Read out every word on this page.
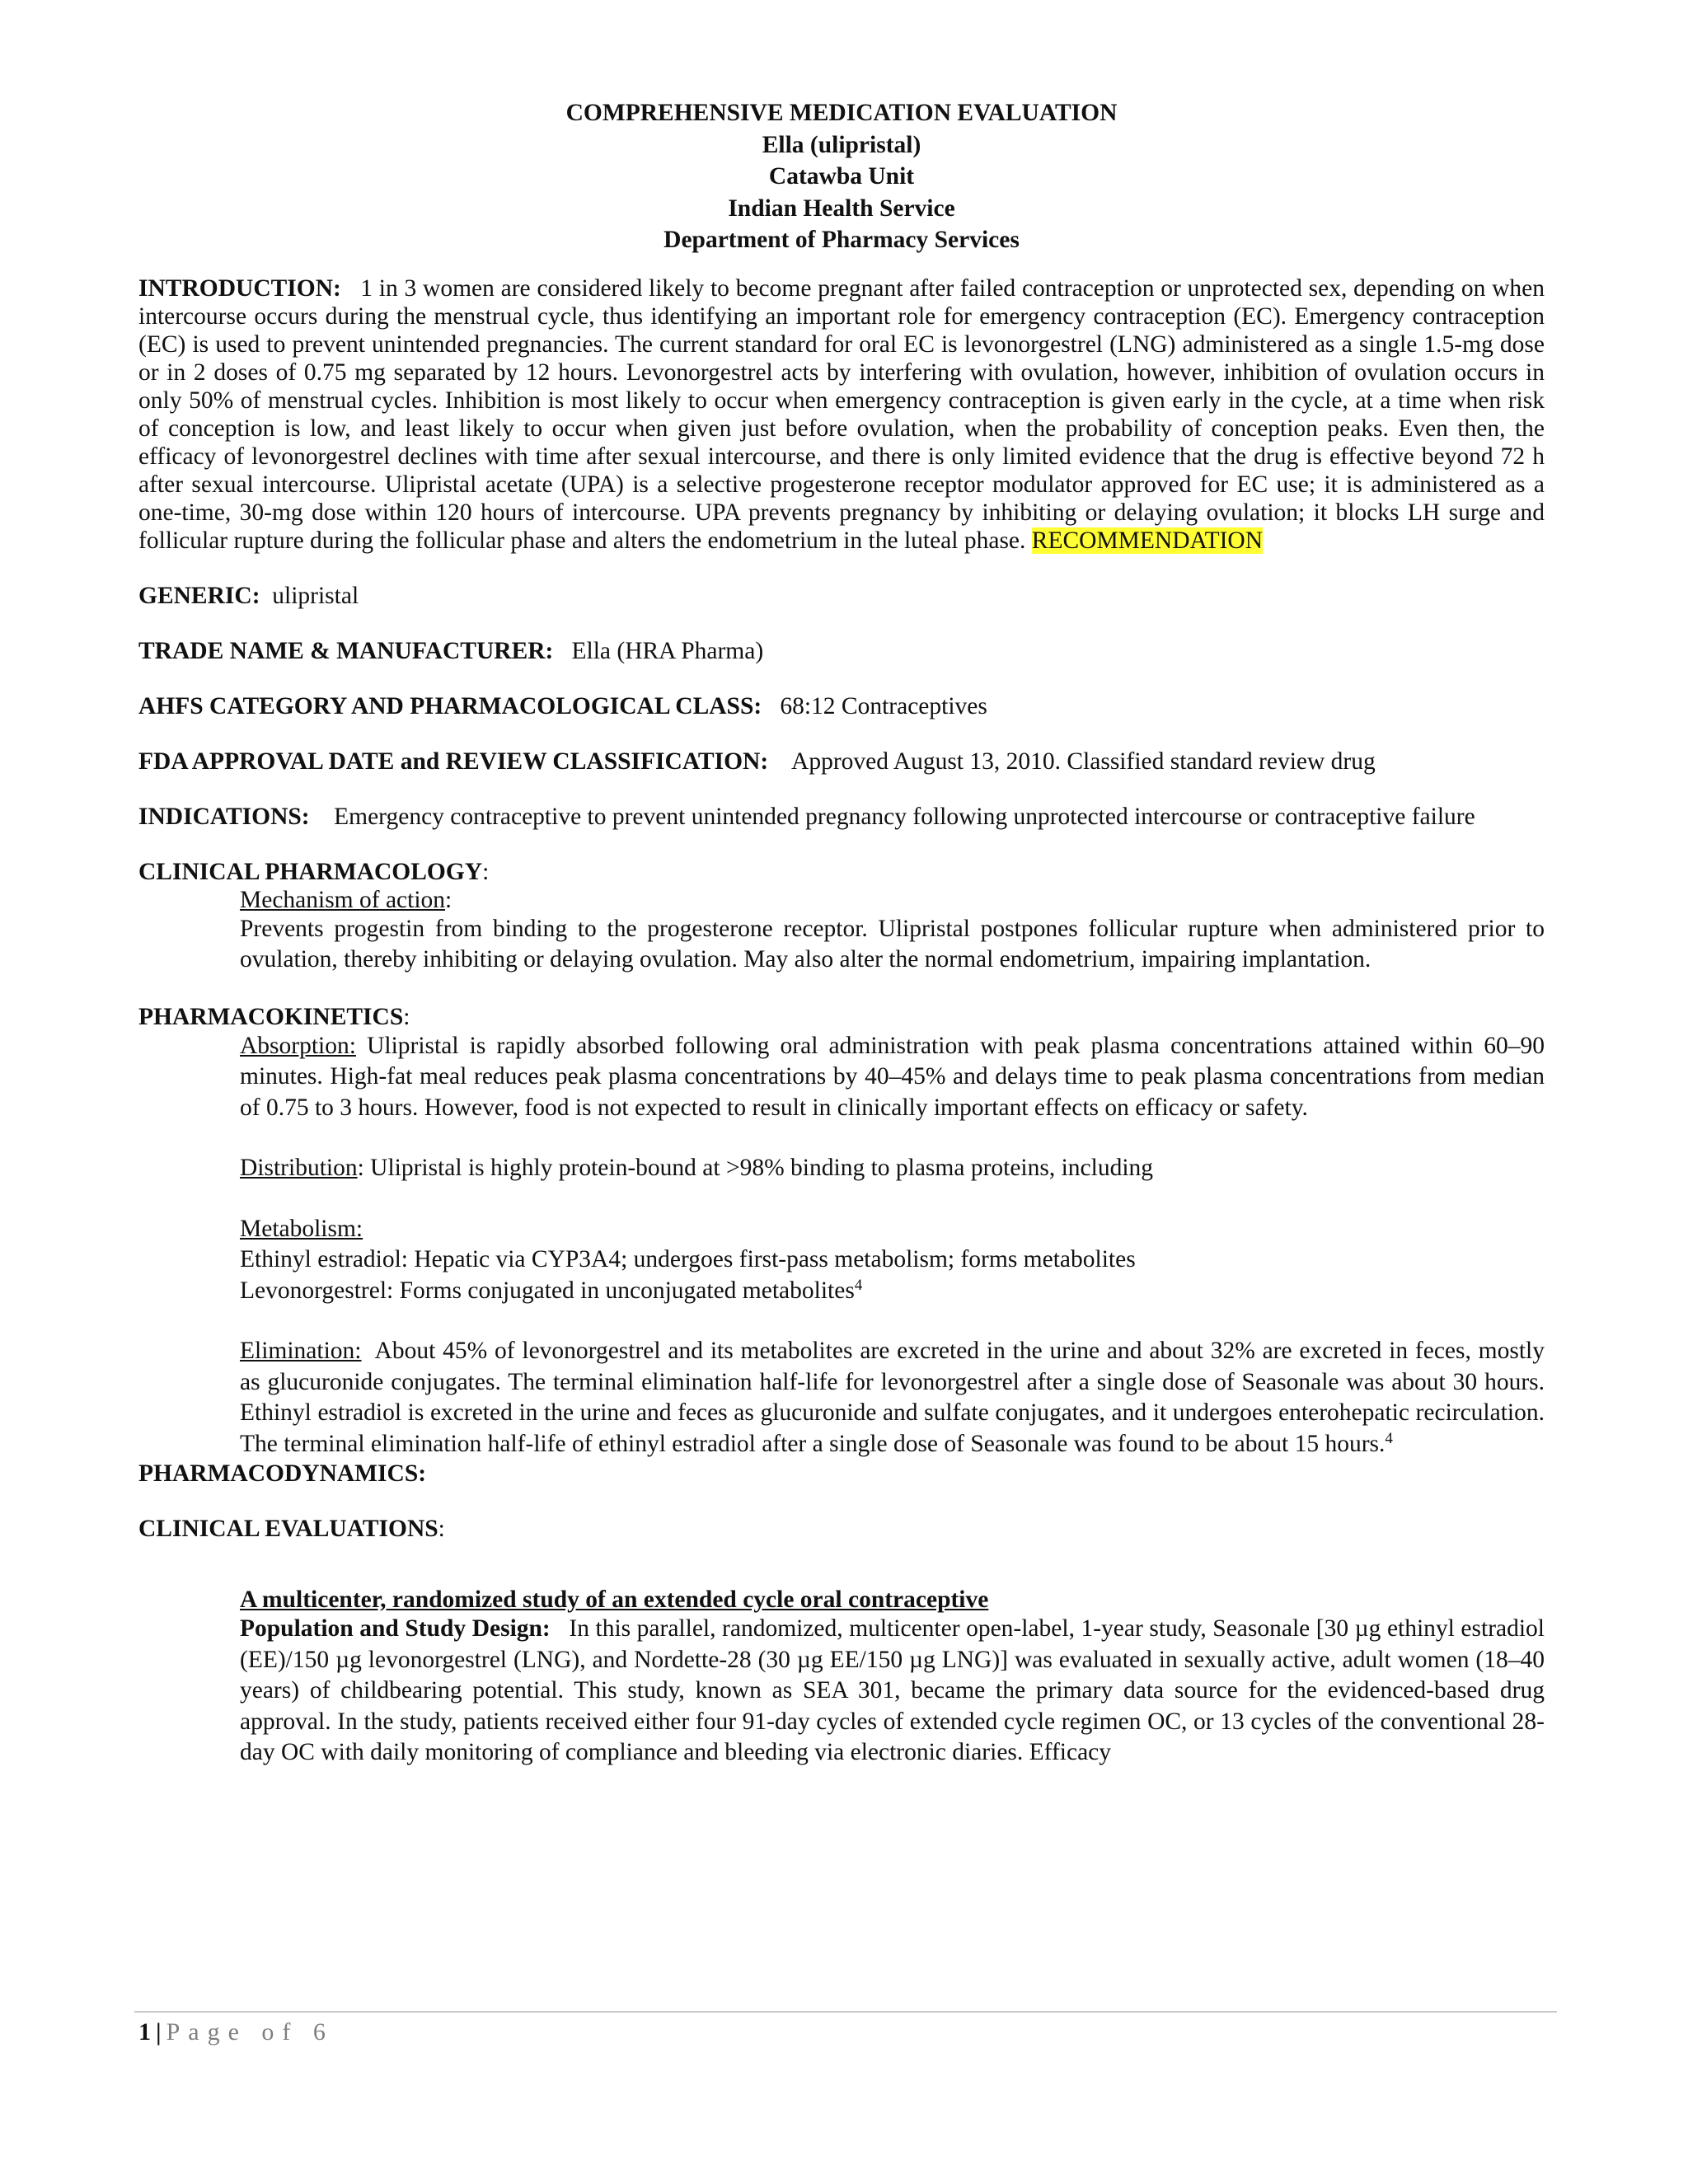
COMPREHENSIVE MEDICATION EVALUATION
Ella (ulipristal)
Catawba Unit
Indian Health Service
Department of Pharmacy Services

INTRODUCTION: 1 in 3 women are considered likely to become pregnant after failed contraception or unprotected sex, depending on when intercourse occurs during the menstrual cycle, thus identifying an important role for emergency contraception (EC). Emergency contraception (EC) is used to prevent unintended pregnancies. The current standard for oral EC is levonorgestrel (LNG) administered as a single 1.5-mg dose or in 2 doses of 0.75 mg separated by 12 hours. Levonorgestrel acts by interfering with ovulation, however, inhibition of ovulation occurs in only 50% of menstrual cycles. Inhibition is most likely to occur when emergency contraception is given early in the cycle, at a time when risk of conception is low, and least likely to occur when given just before ovulation, when the probability of conception peaks. Even then, the efficacy of levonorgestrel declines with time after sexual intercourse, and there is only limited evidence that the drug is effective beyond 72 h after sexual intercourse. Ulipristal acetate (UPA) is a selective progesterone receptor modulator approved for EC use; it is administered as a one-time, 30-mg dose within 120 hours of intercourse. UPA prevents pregnancy by inhibiting or delaying ovulation; it blocks LH surge and follicular rupture during the follicular phase and alters the endometrium in the luteal phase. RECOMMENDATION

GENERIC: ulipristal

TRADE NAME & MANUFACTURER: Ella (HRA Pharma)

AHFS CATEGORY AND PHARMACOLOGICAL CLASS: 68:12 Contraceptives

FDA APPROVAL DATE and REVIEW CLASSIFICATION: Approved August 13, 2010. Classified standard review drug

INDICATIONS: Emergency contraceptive to prevent unintended pregnancy following unprotected intercourse or contraceptive failure

CLINICAL PHARMACOLOGY:

Mechanism of action:

Prevents progestin from binding to the progesterone receptor. Ulipristal postpones follicular rupture when administered prior to ovulation, thereby inhibiting or delaying ovulation. May also alter the normal endometrium, impairing implantation.

PHARMACOKINETICS:

Absorption: Ulipristal is rapidly absorbed following oral administration with peak plasma concentrations attained within 60–90 minutes. High-fat meal reduces peak plasma concentrations by 40–45% and delays time to peak plasma concentrations from median of 0.75 to 3 hours. However, food is not expected to result in clinically important effects on efficacy or safety.

Distribution: Ulipristal is highly protein-bound at >98% binding to plasma proteins, including

Metabolism:

Ethinyl estradiol: Hepatic via CYP3A4; undergoes first-pass metabolism; forms metabolites

Levonorgestrel: Forms conjugated in unconjugated metabolites$^4$

Elimination: About 45% of levonorgestrel and its metabolites are excreted in the urine and about 32% are excreted in feces, mostly as glucuronide conjugates. The terminal elimination half-life for levonorgestrel after a single dose of Seasonale was about 30 hours. Ethinyl estradiol is excreted in the urine and feces as glucuronide and sulfate conjugates, and it undergoes enterohepatic recirculation. The terminal elimination half-life of ethinyl estradiol after a single dose of Seasonale was found to be about 15 hours.$^4$

PHARMACODYNAMICS:

CLINICAL EVALUATIONS:

A multicenter, randomized study of an extended cycle oral contraceptive

Population and Study Design: In this parallel, randomized, multicenter open-label, 1-year study, Seasonale [30 µg ethinyl estradiol (EE)/150 µg levonorgestrel (LNG), and Nordette-28 (30 µg EE/150 µg LNG)] was evaluated in sexually active, adult women (18–40 years) of childbearing potential. This study, known as SEA 301, became the primary data source for the evidenced-based drug approval. In the study, patients received either four 91-day cycles of extended cycle regimen OC, or 13 cycles of the conventional 28-day OC with daily monitoring of compliance and bleeding via electronic diaries. Efficacy

1 | Page of 6
